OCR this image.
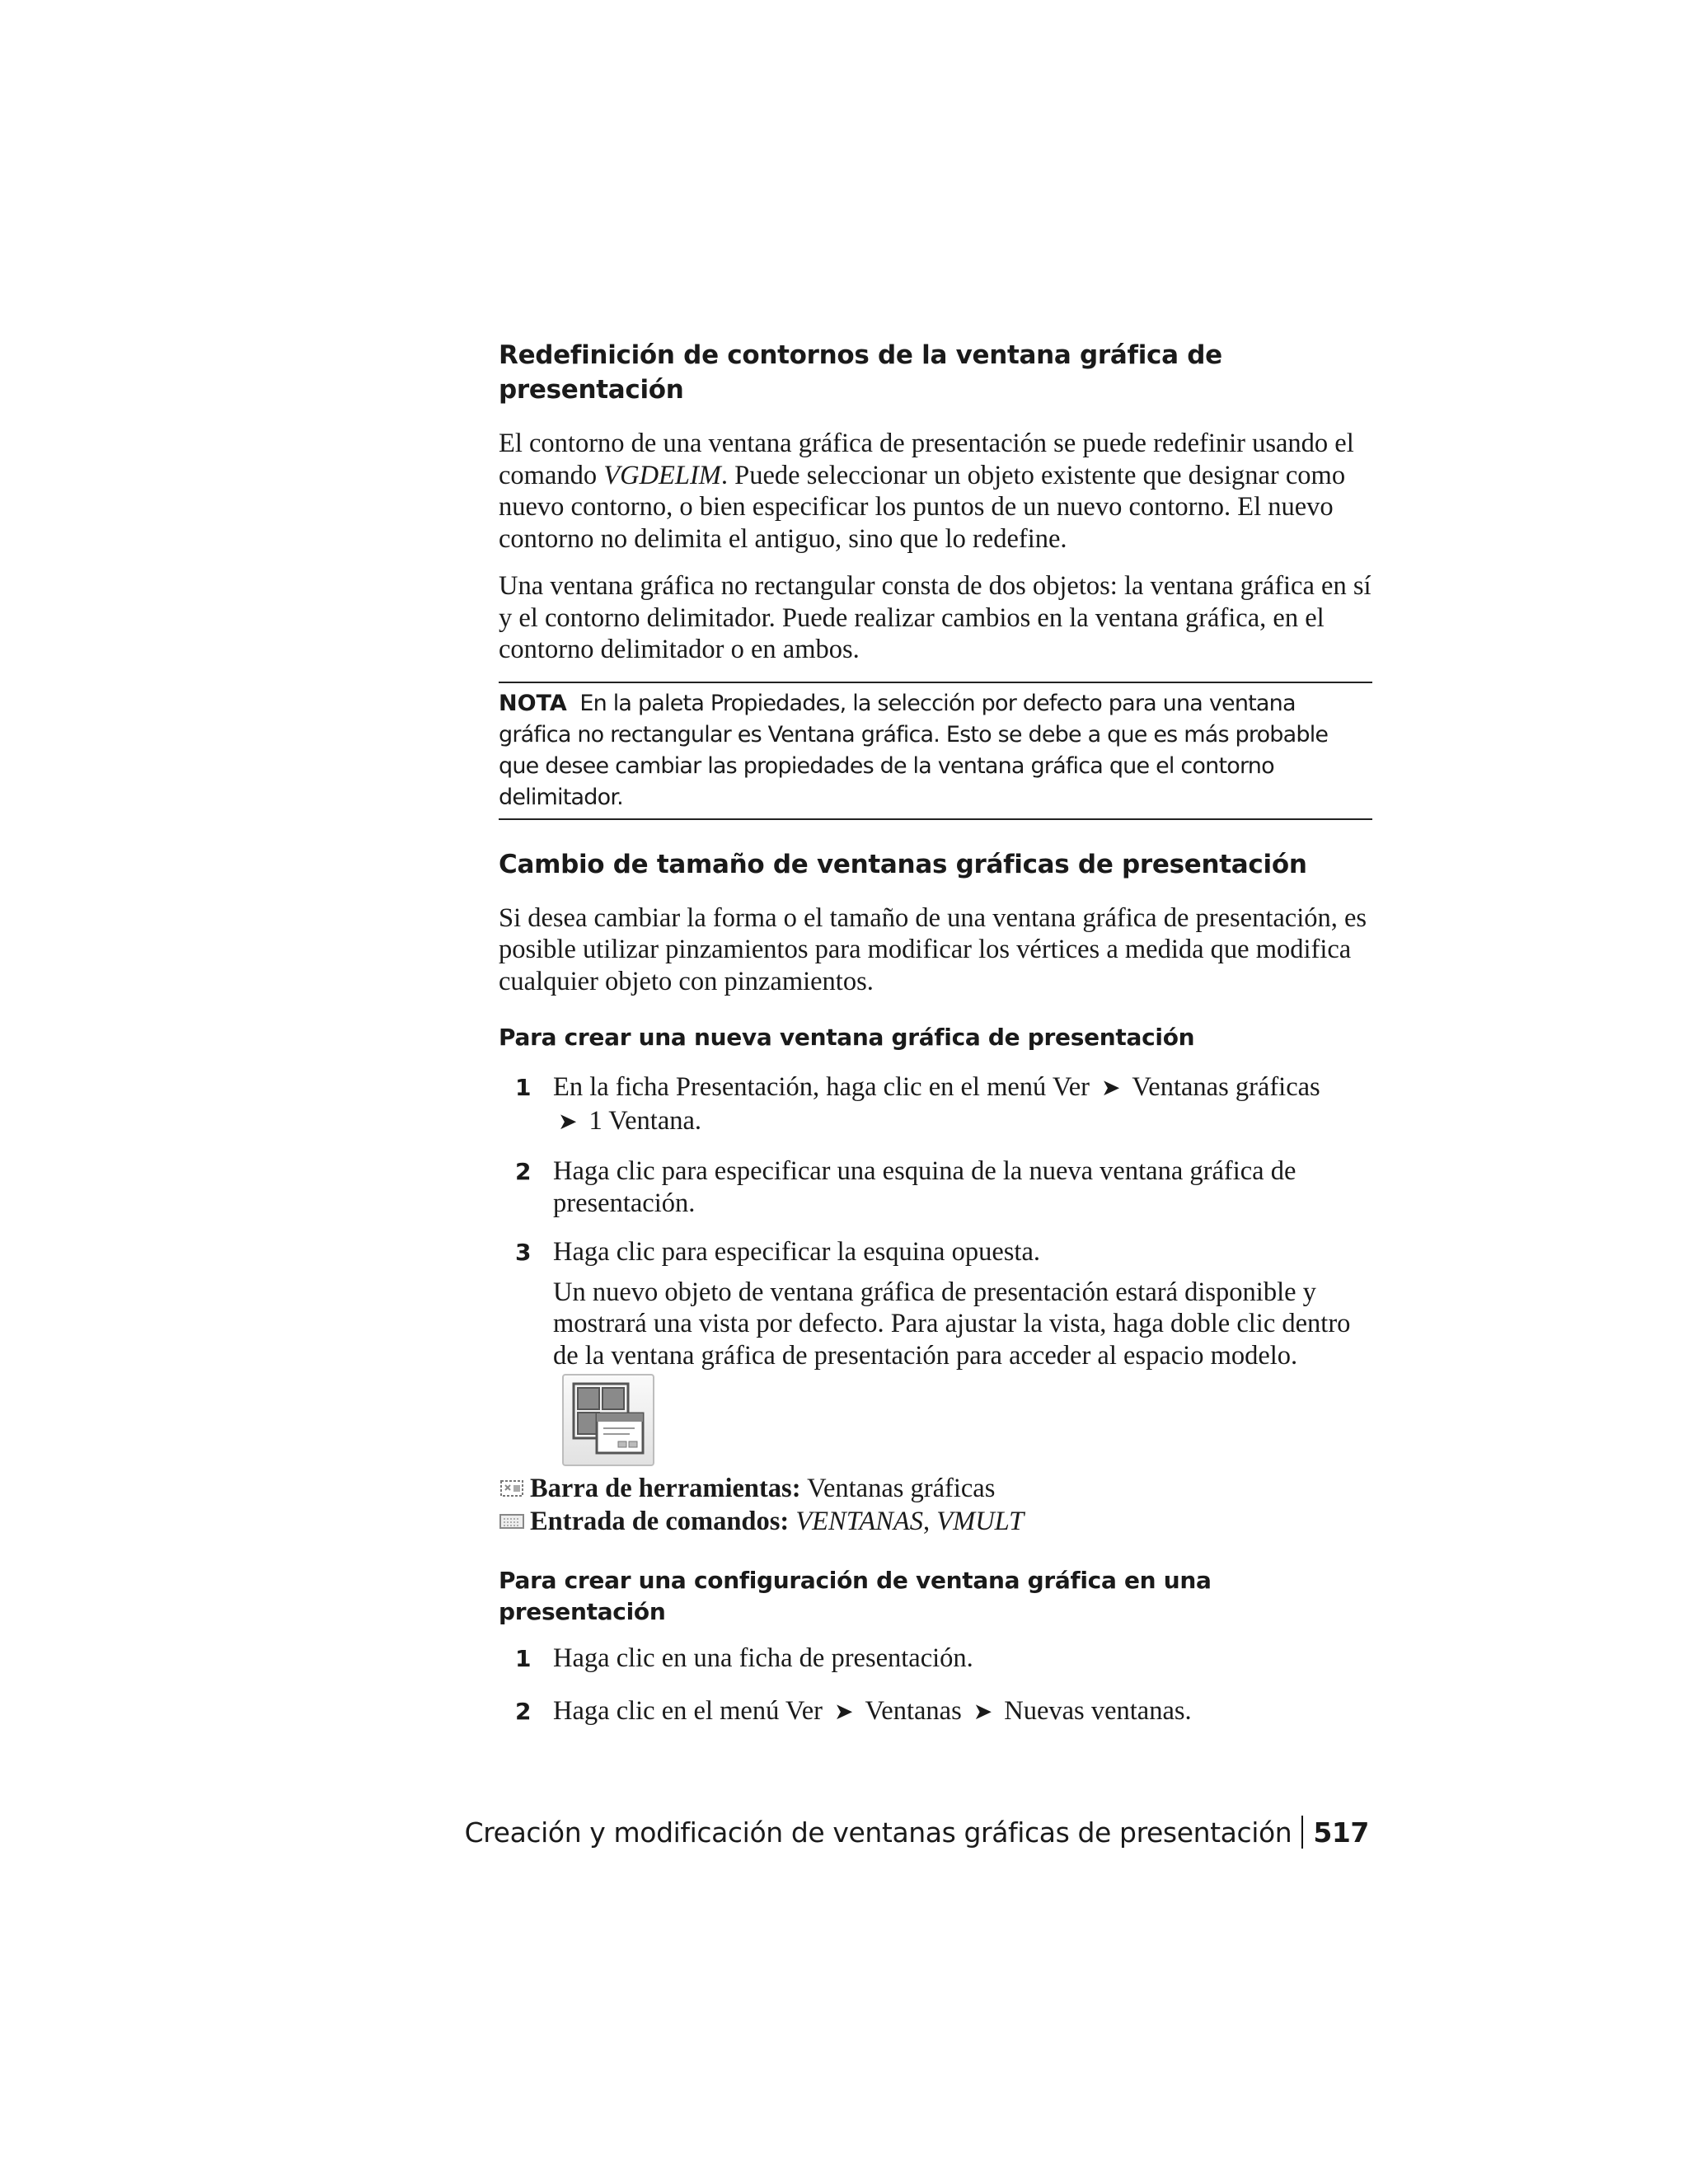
Redefinición de contornos de la ventana gráfica de presentación

El contorno de una ventana gráfica de presentación se puede redefinir usando el comando VGDELIM. Puede seleccionar un objeto existente que designar como nuevo contorno, o bien especificar los puntos de un nuevo contorno. El nuevo contorno no delimita el antiguo, sino que lo redefine.

Una ventana gráfica no rectangular consta de dos objetos: la ventana gráfica en sí y el contorno delimitador. Puede realizar cambios en la ventana gráfica, en el contorno delimitador o en ambos.

NOTA En la paleta Propiedades, la selección por defecto para una ventana gráfica no rectangular es Ventana gráfica. Esto se debe a que es más probable que desee cambiar las propiedades de la ventana gráfica que el contorno delimitador.
Cambio de tamaño de ventanas gráficas de presentación

Si desea cambiar la forma o el tamaño de una ventana gráfica de presentación, es posible utilizar pinzamientos para modificar los vértices a medida que modifica cualquier objeto con pinzamientos.

Para crear una nueva ventana gráfica de presentación
1 En la ficha Presentación, haga clic en el menú Ver ➤ Ventanas gráficas
➤ 1 Ventana.
2 Haga clic para especificar una esquina de la nueva ventana gráfica de presentación.
3 Haga clic para especificar la esquina opuesta.
Un nuevo objeto de ventana gráfica de presentación estará disponible y mostrará una vista por defecto. Para ajustar la vista, haga doble clic dentro de la ventana gráfica de presentación para acceder al espacio modelo.
Barra de herramientas: Ventanas gráficas
Entrada de comandos: VENTANAS, VMULT
Para crear una configuración de ventana gráfica en una presentación
1 Haga clic en una ficha de presentación.
2 Haga clic en el menú Ver ➤ Ventanas ➤ Nuevas ventanas.
Creación y modificación de ventanas gráficas de presentación 517
